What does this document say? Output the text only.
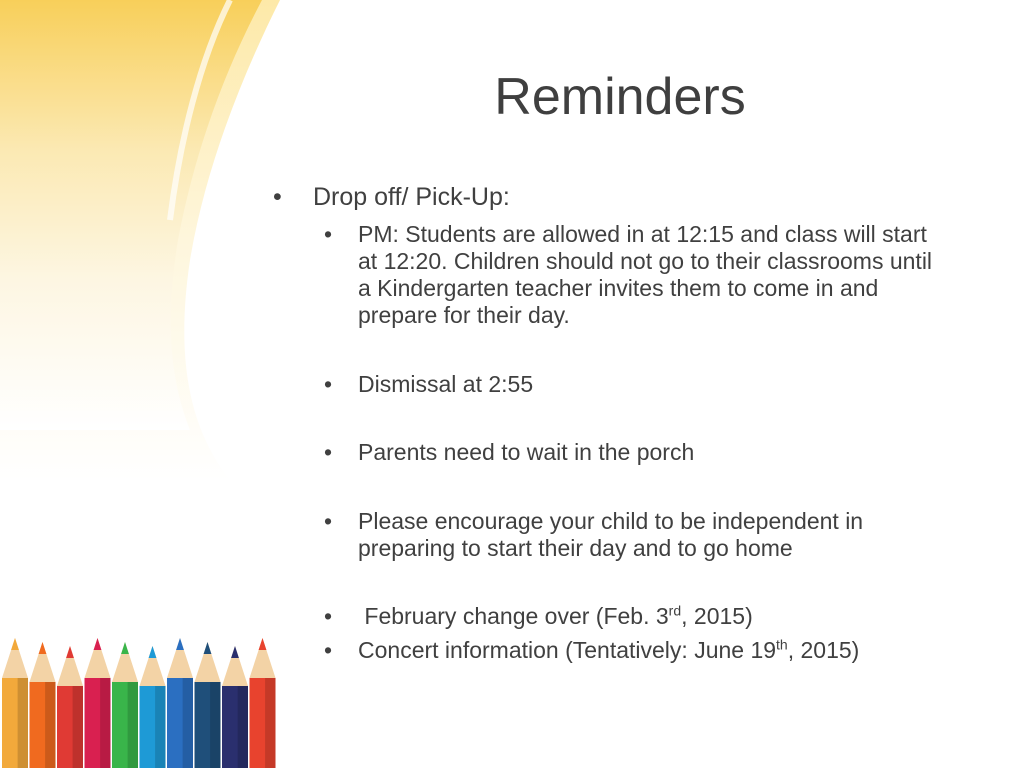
Reminders
• Drop off/ Pick-Up:
• PM: Students are allowed in at 12:15 and class will start at 12:20. Children should not go to their classrooms until a Kindergarten teacher invites them to come in and prepare for their day.
• Dismissal at 2:55
• Parents need to wait in the porch
• Please encourage your child to be independent in preparing to start their day and to go home
• February change over (Feb. 3rd, 2015)
• Concert information (Tentatively: June 19th, 2015)
